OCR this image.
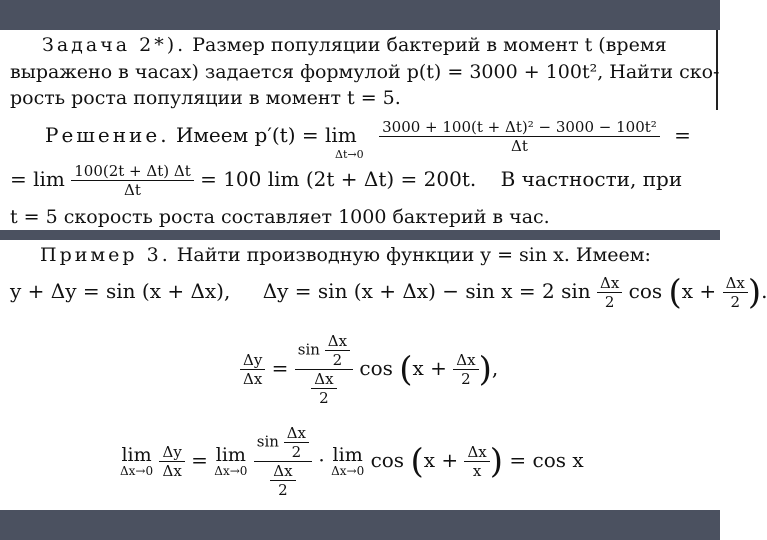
Задача 2*). Размер популяции бактерий в момент t (время
выражено в часах) задается формулой p(t) = 3000 + 100t², Найти ско-
рость роста популяции в момент t = 5.
Решение. Имеем $p'(t) = \lim \frac{\text{3000 + 100(t + Δt)² − 3000 − 100t²}}{\Delta t}$ =
Δt→0
= $\lim \frac{100(2t + \Delta t) \Delta t}{\Delta t} = 100$ lim (2t + Δt) = 200t. В частности, при
t = 5 скорость роста составляет 1000 бактерий в час.
Пример 3. Найти производную функции y = sin x. Имеем:
y + Δy = sin (x + Δx), Δy = sin (x + Δx) − sin x = 2 $\sin \frac{\Delta x}{2}$ $\cos (x + \frac{\Delta x}{2}$ ).
$\frac{\Delta y}{\Delta x} = \frac{\sin \frac{\Delta x}{2}}{\frac{\Delta x}{2}}$ $\cos (x + \frac{\Delta x}{2}$ ),
lim
Δx→0
$\frac{\Delta y}{\Delta x} = \lim$
Δx→0
$\frac{\sin \frac{\Delta x}{2}}{\frac{\Delta x}{2}} \cdot \lim$
Δx→0 $\cos (x + \frac{\Delta x}{x}$ ) = cos x
